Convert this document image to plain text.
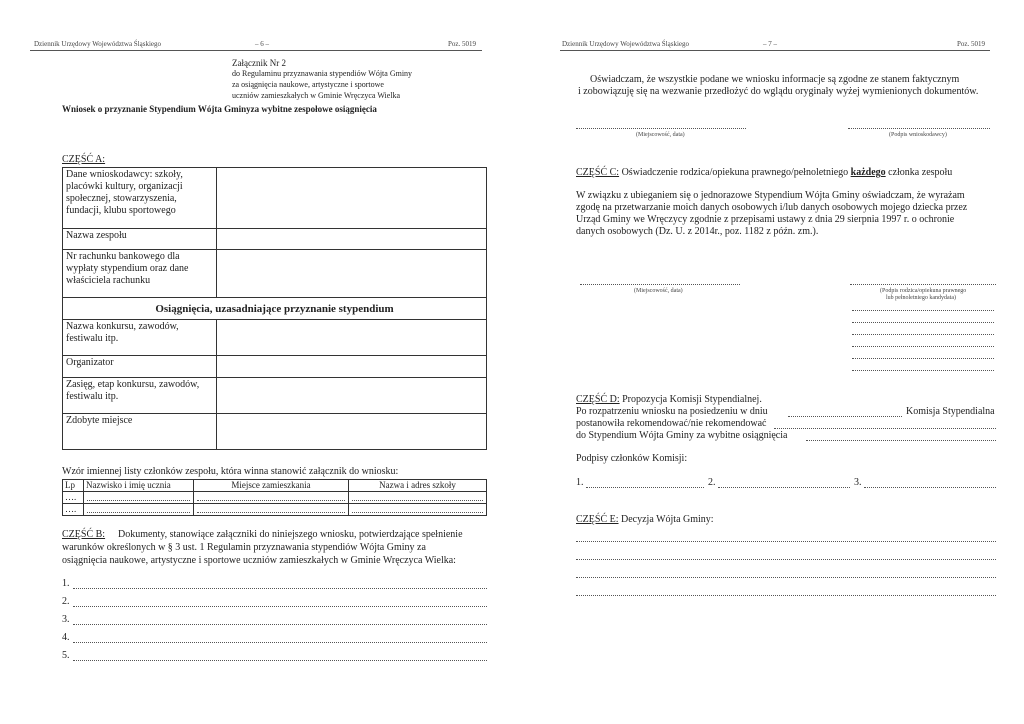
Dziennik Urzędowy Województwa Śląskiego	– 6 –	Poz. 5019
Załącznik Nr 2
do Regulaminu przyznawania stypendiów Wójta Gminy
za osiągnięcia naukowe, artystyczne i sportowe
uczniów zamieszkałych w Gminie Wręczyca Wielka
Wniosek o przyznanie Stypendium Wójta Gminyza wybitne zespołowe osiągnięcia
CZĘŚĆ A:
Dane wnioskodawcy: szkoły,
placówki kultury, organizacji
społecznej, stowarzyszenia,
fundacji, klubu sportowego	
Nazwa zespołu	
Nr rachunku bankowego dla
wypłaty stypendium oraz dane
właściciela rachunku	
Osiągnięcia, uzasadniające przyznanie stypendium	
Nazwa konkursu, zawodów,
festiwalu itp.	
Organizator	
Zasięg, etap konkursu, zawodów,
festiwalu itp.	
Zdobyte miejsce	
Wzór imiennej listy członków zespołu, która winna stanowić załącznik do wniosku:
Lp	Nazwisko i imię ucznia	Miejsce zamieszkania	Nazwa i adres szkoły
….	

….	

CZĘŚĆ B: Dokumenty, stanowiące załączniki do niniejszego wniosku, potwierdzające spełnienie
warunków określonych w § 3 ust. 1 Regulamin przyznawania stypendiów Wójta Gminy za
osiągnięcia naukowe, artystyczne i sportowe uczniów zamieszkałych w Gminie Wręczyca Wielka:
1.
2.
3.
4.
5.
Dziennik Urzędowy Województwa Śląskiego	– 7 –	Poz. 5019
Oświadczam, że wszystkie podane we wniosku informacje są zgodne ze stanem faktycznym
i zobowiązuję się na wezwanie przedłożyć do wglądu oryginały wyżej wymienionych dokumentów.
(Miejscowość, data)	(Podpis wnioskodawcy)
CZĘŚĆ C: Oświadczenie rodzica/opiekuna prawnego/pełnoletniego każdego członka zespołu
W związku z ubieganiem się o jednorazowe Stypendium Wójta Gminy oświadczam, że wyrażam
zgodę na przetwarzanie moich danych osobowych i/lub danych osobowych mojego dziecka przez
Urząd Gminy we Wręczycy zgodnie z przepisami ustawy z dnia 29 sierpnia 1997 r. o ochronie
danych osobowych (Dz. U. z 2014r., poz. 1182 z późn. zm.).
(Miejscowość, data)	(Podpis rodzica/opiekuna prawnego
lub pełnoletniego kandydata)
CZĘŚĆ D: Propozycja Komisji Stypendialnej.
Po rozpatrzeniu wniosku na posiedzeniu w dniu	Komisja Stypendialna
postanowiła rekomendować/nie rekomendować
do Stypendium Wójta Gminy za wybitne osiągnięcia
Podpisy członków Komisji:
1.	2.	3.
CZĘŚĆ E: Decyzja Wójta Gminy:
